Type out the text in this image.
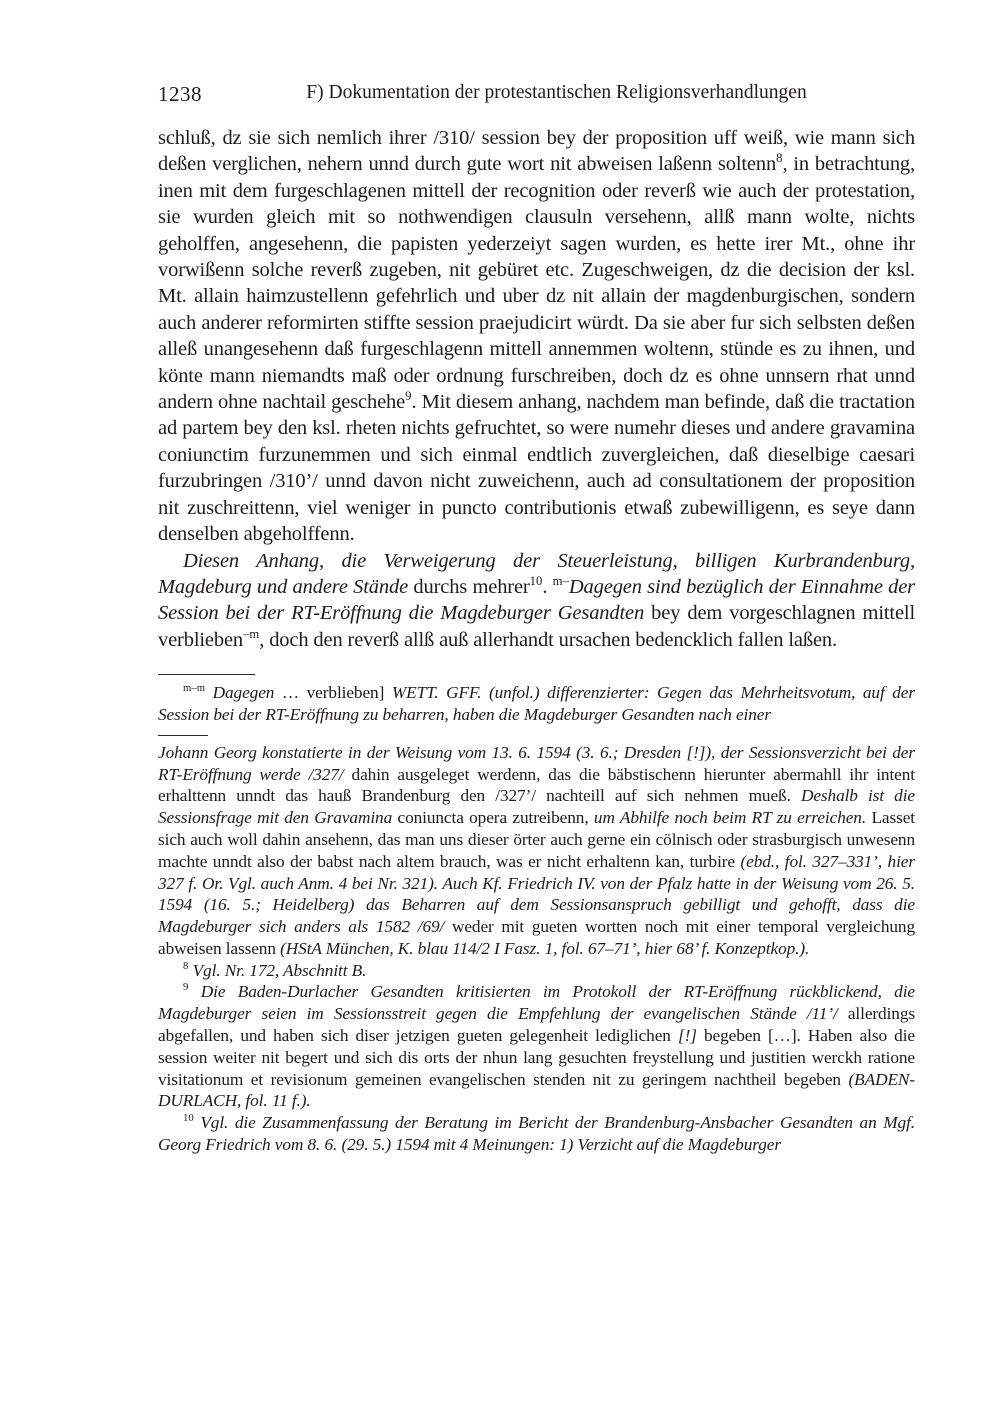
1238	F) Dokumentation der protestantischen Religionsverhandlungen

schluß, dz sie sich nemlich ihrer /310/ session bey der proposition uff weiß, wie mann sich deßen verglichen, nehern unnd durch gute wort nit abweisen laßenn soltenn$^8$, in betrachtung, inen mit dem furgeschlagenen mittell der recognition oder reverß wie auch der protestation, sie wurden gleich mit so nothwendigen clausuln versehenn, allß mann wolte, nichts geholffen, angesehenn, die papisten yederzeiyt sagen wurden, es hette irer Mt., ohne ihr vorwißenn solche reverß zugeben, nit gebüret etc. Zugeschweigen, dz die decision der ksl. Mt. allain haimzustellenn gefehrlich und uber dz nit allain der magdenburgischen, sondern auch anderer reformirten stiffte session praejudicirt würdt. Da sie aber fur sich selbsten deßen alleß unangesehenn daß furgeschlagenn mittell annemmen woltenn, stünde es zu ihnen, und könte mann niemandts maß oder ordnung furschreiben, doch dz es ohne unnsern rhat unnd andern ohne nachtail geschehe$^9$. Mit diesem anhang, nachdem man befinde, daß die tractation ad partem bey den ksl. rheten nichts gefruchtet, so were numehr dieses und andere gravamina coniunctim furzunemmen und sich einmal endtlich zuvergleichen, daß dieselbige caesari furzubringen /310’/ unnd davon nicht zuweichenn, auch ad consultationem der proposition nit zuschreittenn, viel weniger in puncto contributionis etwaß zubewilligenn, es seye dann denselben abgeholffenn.

Diesen Anhang, die Verweigerung der Steuerleistung, billigen Kurbrandenburg, Magdeburg und andere Stände durchs mehrer$^{10}$. $^{m-}$Dagegen sind bezüglich der Einnahme der Session bei der RT-Eröffnung die Magdeburger Gesandten bey dem vorgeschlagnen mittell verblieben$^{-m}$, doch den reverß allß auß allerhandt ursachen bedencklich fallen laßen.

$^{m-m}$ Dagegen … verblieben] WETT. GFF. (unfol.) differenzierter: Gegen das Mehrheitsvotum, auf der Session bei der RT-Eröffnung zu beharren, haben die Magdeburger Gesandten nach einer

Johann Georg konstatierte in der Weisung vom 13. 6. 1594 (3. 6.; Dresden [!]), der Sessionsverzicht bei der RT-Eröffnung werde /327/ dahin ausgeleget werdenn, das die bäbstischenn hierunter abermahll ihr intent erhalttenn unndt das hauß Brandenburg den /327’/ nachteill auf sich nehmen mueß. Deshalb ist die Sessionsfrage mit den Gravamina coniuncta opera zutreibenn, um Abhilfe noch beim RT zu erreichen. Lasset sich auch woll dahin ansehenn, das man uns dieser örter auch gerne ein cölnisch oder strasburgisch unwesenn machte unndt also der babst nach altem brauch, was er nicht erhaltenn kan, turbire (ebd., fol. 327–331’, hier 327 f. Or. Vgl. auch Anm. 4 bei Nr. 321). Auch Kf. Friedrich IV. von der Pfalz hatte in der Weisung vom 26. 5. 1594 (16. 5.; Heidelberg) das Beharren auf dem Sessionsanspruch gebilligt und gehofft, dass die Magdeburger sich anders als 1582 /69/ weder mit gueten wortten noch mit einer temporal vergleichung abweisen lassenn (HStA München, K. blau 114/2 I Fasz. 1, fol. 67–71’, hier 68’ f. Konzeptkop.).

$^8$ Vgl. Nr. 172, Abschnitt B.

$^9$ Die Baden-Durlacher Gesandten kritisierten im Protokoll der RT-Eröffnung rückblickend, die Magdeburger seien im Sessionsstreit gegen die Empfehlung der evangelischen Stände /11’/ allerdings abgefallen, und haben sich diser jetzigen gueten gelegenheit lediglichen [!] begeben […]. Haben also die session weiter nit begert und sich dis orts der nhun lang gesuchten freystellung und justitien werckh ratione visitationum et revisionum gemeinen evangelischen stenden nit zu geringem nachtheil begeben (BADEN-DURLACH, fol. 11 f.).

$^{10}$ Vgl. die Zusammenfassung der Beratung im Bericht der Brandenburg-Ansbacher Gesandten an Mgf. Georg Friedrich vom 8. 6. (29. 5.) 1594 mit 4 Meinungen: 1) Verzicht auf die Magdeburger
